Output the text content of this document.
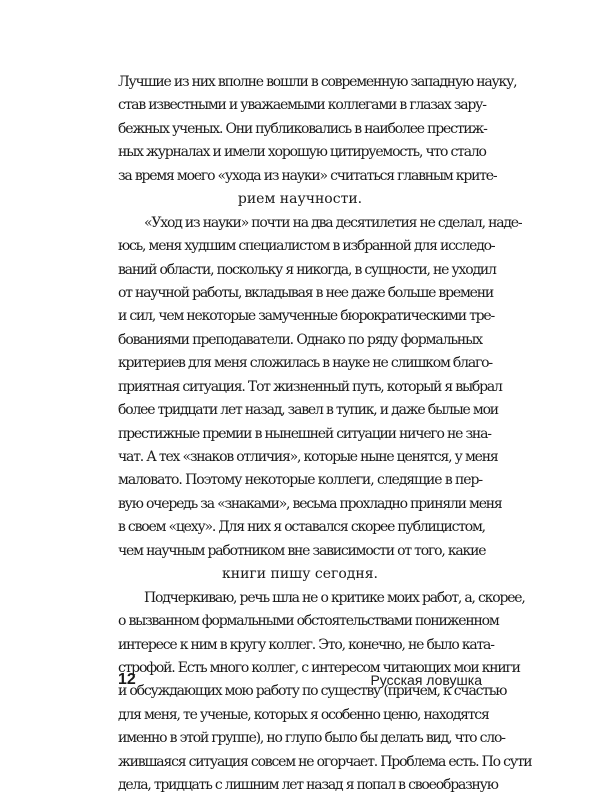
Лучшие из них вполне вошли в современную западную науку,
став известными и уважаемыми коллегами в глазах зару-
бежных ученых. Они публиковались в наиболее престиж-
ных журналах и имели хорошую цитируемость, что стало
за время моего «ухода из науки» считаться главным крите-
рием научности.
«Уход из науки» почти на два десятилетия не сделал, наде-
юсь, меня худшим специалистом в избранной для исследо-
ваний области, поскольку я никогда, в сущности, не уходил
от научной работы, вкладывая в нее даже больше времени
и сил, чем некоторые замученные бюрократическими тре-
бованиями преподаватели. Однако по ряду формальных
критериев для меня сложилась в науке не слишком благо-
приятная ситуация. Тот жизненный путь, который я выбрал
более тридцати лет назад, завел в тупик, и даже былые мои
престижные премии в нынешней ситуации ничего не зна-
чат. А тех «знаков отличия», которые ныне ценятся, у меня
маловато. Поэтому некоторые коллеги, следящие в пер-
вую очередь за «знаками», весьма прохладно приняли меня
в своем «цеху». Для них я оставался скорее публицистом,
чем научным работником вне зависимости от того, какие
книги пишу сегодня.
Подчеркиваю, речь шла не о критике моих работ, а, скорее,
о вызванном формальными обстоятельствами пониженном
интересе к ним в кругу коллег. Это, конечно, не было ката-
строфой. Есть много коллег, с интересом читающих мои книги
и обсуждающих мою работу по существу (причем, к счастью
для меня, те ученые, которых я особенно ценю, находятся
именно в этой группе), но глупо было бы делать вид, что сло-
жившаяся ситуация совсем не огорчает. Проблема есть. По сути
дела, тридцать с лишним лет назад я попал в своеобразную
12	Русская ловушка
